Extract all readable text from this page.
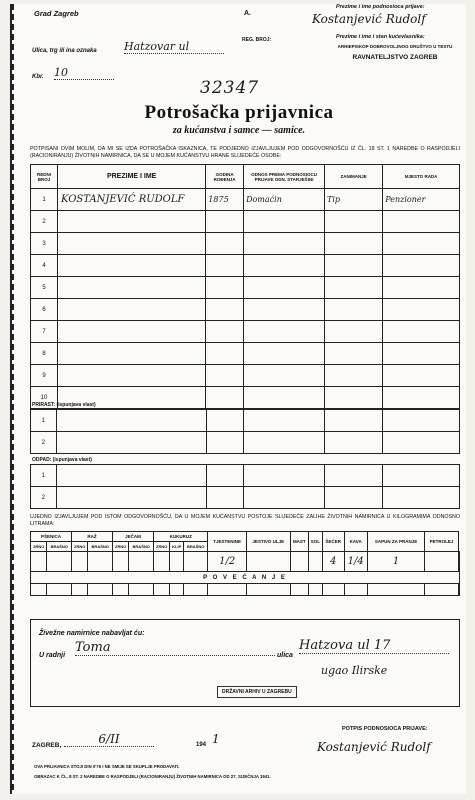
Grad Zagreb	A.
Prezime i ime podnosioca prijave:
Kostanjević Rudolf
REG. BROJ:	Prezime i ime i stan kućevlasnika:
ARHIEPISKOP DOBROVOLJNOG DRUŠTVO U TESTU
RAVNATELJSTVO ZAGREB
Ulica, trg ili ina oznaka Hatzovar ul
Kbr. 10
32347
Potrošačka prijavnica
za kućanstva i samce — samice.
POTPISANI OVIM MOLIM, DA MI SE IZDA POTROŠAČKA ISKAZNICA, TE PODJEDNO IZJAVLJUJEM POD ODGOVORNOŠĆU IZ ČL. 18 ST. 1 NAREDBE O RASPODJELI (RACIONIRANJU) ŽIVOTNIH NAMIRNICA, DA SE U MOJEM KUĆANSTVU HRANE SLIJEDEĆE OSOBE:
REDNI BROJ	PREZIME I IME	GODINA ROĐENJA	ODNOS PREMA PODNOSIOCU PRIJAVE ODN. STARJEŠINI	ZANIMANJE	MJESTO RADA
1	KOSTANJEVIĆ RUDOLF	1875	Domaćin	Tip	Penzioner
2					
3					
4					
5					
6					
7					
8					
9					
10					
PRIRAST: (ispunjava vlast)
1					
2					
ODPAD: (ispunjava vlast)
1					
2					
UJEDNO IZJAVLJUJEM POD ISTOM ODGOVORNOŠĆU, DA U MOJEM KUĆANSTVU POSTOJE SLIJEDEĆE ZALIHE ŽIVOTNIH NAMIRNICA U KILOGRAMIMA ODNOSNO LITRAMA:
PŠENICA		RAŽ		JEČAM		KUKURUZ			TJESTENINE	JESTIVO ULJE	MAST	SOL	ŠEĆER	KAVA	SAPUN ZA PRANJE	PETROLEJ	
ZRNO	BRAŠNO	ZRNO	BRAŠNO	ZRNO	BRAŠNO	ZRNO	KLIP	BRAŠNO									
									1/2				4	1/4	1		
P O V E Ć A N J E																	

Živežne namirnice nabavljat ću:
U radnji
Toma
ulica
Hatzova ul 17
ugao Ilirske
DRŽAVNI ARHIV U ZAGREBU
ZAGREB,	6/II	194 1
POTPIS PODNOSIOCA PRIJAVE:
Kostanjević Rudolf
OVA PRIJAVNICA STOJI DIN 0'75 I NE SMIJE SE SKUPLJE PRODAVATI.
OBRAZAC K ČL. 8 ST. 2 NAREDBE O RASPODJELI (RACIONIRANJU) ŽIVOTNIH NAMIRNICA OD 27. SIJEČNJA 1941.
